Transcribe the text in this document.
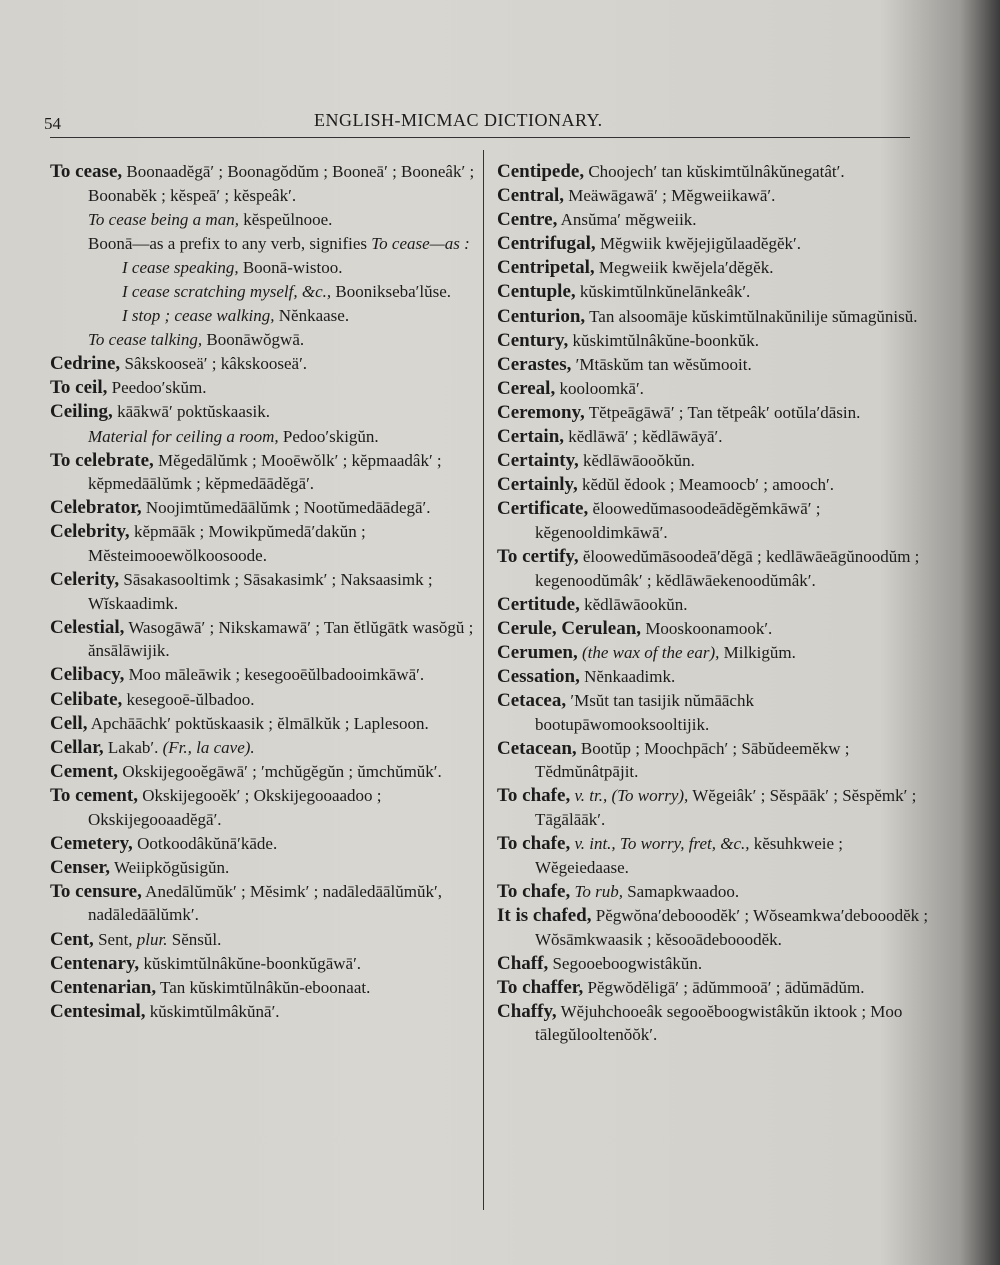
54	ENGLISH-MICMAC DICTIONARY.

To cease, Boonaadĕgā′ ; Boonagŏdŭm ; Booneā′ ; Booneâk′ ; Boonabĕk ; kĕspeā′ ; kĕspeâk′.

To cease being a man, kĕspeŭlnooe.

Boonā—as a prefix to any verb, signifies To cease—as :

I cease speaking, Boonā-wistoo.

I cease scratching myself, &c., Boonikseba′lŭse.

I stop ; cease walking, Nĕnkaase.

To cease talking, Boonāwŏgwā.

Cedrine, Sâkskooseä′ ; kâkskooseä′.

To ceil, Peedoo′skŭm.

Ceiling, kāākwā′ poktŭskaasik.

Material for ceiling a room, Pedoo′skigŭn.

To celebrate, Mĕgedālŭmk ; Mooēwŏlk′ ; kĕpmaadâk′ ; kĕpmedāālŭmk ; kĕpmedāādĕgā′.

Celebrator, Noojimtŭmedāālŭmk ; Nootŭmedāādegā′.

Celebrity, kĕpmāāk ; Mowikpŭmedā′dakŭn ; Mĕsteimooewŏlkoosoode.

Celerity, Sāsakasooltimk ; Sāsakasimk′ ; Naksaasimk ; Wĭskaadimk.

Celestial, Wasogāwā′ ; Nikskamawā′ ; Tan ĕtlŭgātk wasŏgŭ ; ănsālāwijik.

Celibacy, Moo māleāwik ; kesegooēŭlbadooimkāwā′.

Celibate, kesegooē-ŭlbadoo.

Cell, Apchāāchk′ poktŭskaasik ; ĕlmālkŭk ; Laplesoon.

Cellar, Lakab′. (Fr., la cave).

Cement, Okskijegooĕgāwā′ ; ′mchŭgĕgŭn ; ŭmchŭmŭk′.

To cement, Okskijegooĕk′ ; Okskijegooaadoo ; Okskijegooaadĕgā′.

Cemetery, Ootkoodâkŭnā′kāde.

Censer, Weiipkŏgŭsigŭn.

To censure, Anedālŭmŭk′ ; Mĕsimk′ ; nadāledāālŭmŭk′, nadāledāālŭmk′.

Cent, Sent, plur. Sĕnsŭl.

Centenary, kŭskimtŭlnâkŭne-boonkŭgāwā′.

Centenarian, Tan kŭskimtŭlnâkŭn-eboonaat.

Centesimal, kŭskimtŭlmâkŭnā′.

Centipede, Choojech′ tan kŭskimtŭlnâkŭnegatât′.

Central, Meäwāgawā′ ; Mĕgweiikawā′.

Centre, Ansŭma′ mĕgweiik.

Centrifugal, Mĕgwiik kwĕjejigŭlaadĕgĕk′.

Centripetal, Megweiik kwĕjela′dĕgĕk.

Centuple, kŭskimtŭlnkŭnelānkeâk′.

Centurion, Tan alsoomāje kŭskimtŭlnakŭnilije sŭmagŭnisŭ.

Century, kŭskimtŭlnâkŭne-boonkŭk.

Cerastes, ′Mtāskŭm tan wĕsŭmooit.

Cereal, kooloomkā′.

Ceremony, Tĕtpeāgāwā′ ; Tan tĕtpeâk′ ootŭla′dāsin.

Certain, kĕdlāwā′ ; kĕdlāwāyā′.

Certainty, kĕdlāwāooŏkŭn.

Certainly, kĕdŭl ĕdook ; Meamoocb′ ; amooch′.

Certificate, ĕloowedŭmasoodeādĕgĕmkāwā′ ; kĕgenooldimkāwā′.

To certify, ĕloowedŭmāsoodeā′dĕgā ; kedlāwāeāgŭnoodŭm ; kegenoodŭmâk′ ; kĕdlāwāekenoodŭmâk′.

Certitude, kĕdlāwāookŭn.

Cerule, Cerulean, Mooskoonamook′.

Cerumen, (the wax of the ear), Milkigŭm.

Cessation, Nĕnkaadimk.

Cetacea, ′Msŭt tan tasijik nŭmāāchk bootupāwomooksooltijik.

Cetacean, Bootŭp ; Moochpāch′ ; Sābŭdeemĕkw ; Tĕdmŭnâtpājit.

To chafe, v. tr., (To worry), Wĕgeiâk′ ; Sĕspāāk′ ; Sĕspĕmk′ ; Tāgālāāk′.

To chafe, v. int., To worry, fret, &c., kĕsuhkweie ; Wĕgeiedaase.

To chafe, To rub, Samapkwaadoo.

It is chafed, Pĕgwŏna′debooodĕk′ ; Wŏseamkwa′debooodĕk ; Wŏsāmkwaasik ; kĕsooādebooodĕk.

Chaff, Segooeboogwistâkŭn.

To chaffer, Pĕgwŏdĕligā′ ; ādŭmmooā′ ; ādŭmādŭm.

Chaffy, Wĕjuhchooeâk segooĕboogwistâkŭn iktook ; Moo tālegŭlooltenŏŏk′.
